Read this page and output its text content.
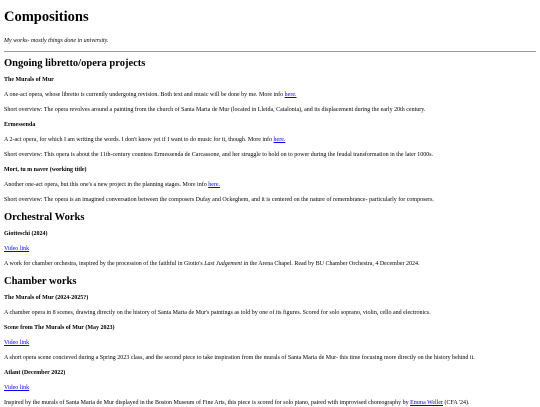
Compositions
My works- mostly things done in university.
Ongoing libretto/opera projects
The Murals of Mur

A one-act opera, whose libretto is currently undergoing revision. Both text and music will be done by me. More info here.

Short overview: The opera revolves around a painting from the church of Santa Maria de Mur (located in Lleida, Catalonia), and its displacement during the early 20th century.

Ermessenda

A 2-act opera, for which I am writing the words. I don't know yet if I want to do music for it, though. More info here.

Short overview: This opera is about the 11th-century countess Ermessenda de Carcassone, and her struggle to hold on to power during the feudal transformation in the later 1000s.

Mort, tu m navre (working title)

Another one-act opera, but this one's a new project in the planning stages. More info here.

Short overview: The opera is an imagined conversation between the composers Dufay and Ockeghem, and it is centered on the nature of remembrance- particularly for composers.

Orchestral Works
Giotteschi (2024)

Video link

A work for chamber orchestra, inspired by the procession of the faithful in Giotto's Last Judgement in the Arena Chapel. Read by BU Chamber Orchestra, 4 December 2024.

Chamber works
The Murals of Mur (2024-2025?)

A chamber opera in 8 scenes, drawing directly on the history of Santa Maria de Mur's paintings as told by one of its figures. Scored for solo soprano, violin, cello and electronics.

Scene from The Murals of Mur (May 2023)

Video link

A short opera scene concieved during a Spring 2023 class, and the second piece to take inspiration from the murals of Santa Maria de Mur- this time focusing more directly on the history behind it.

Atlant (December 2022)

Video link

Inspired by the murals of Santa Maria de Mur displayed in the Boston Museum of Fine Arts, this piece is scored for solo piano, paired with improvised choreography by Emma Weller (CFA '24).
